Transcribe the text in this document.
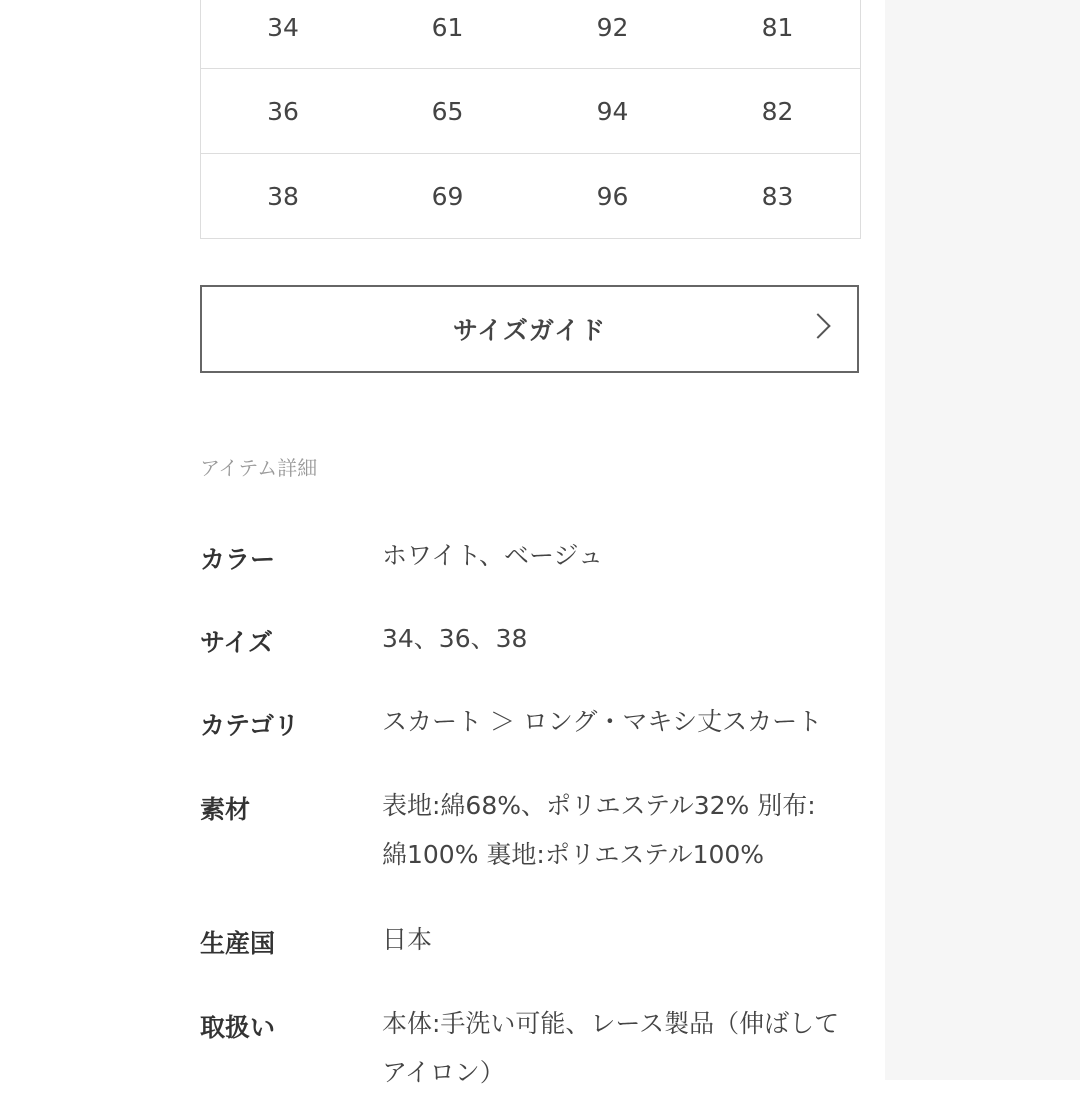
34	61	92	81
36	65	94	82
38	69	96	83
サイズガイド
アイテム詳細
カラー	ホワイト、ベージュ
サイズ	34、36、38
カテゴリ	スカート ＞ ロング・マキシ丈スカート
素材	表地:綿68%、ポリエステル32% 別布:
綿100% 裏地:ポリエステル100%
生産国	日本
取扱い	本体:手洗い可能、レース製品（伸ばして
アイロン）
